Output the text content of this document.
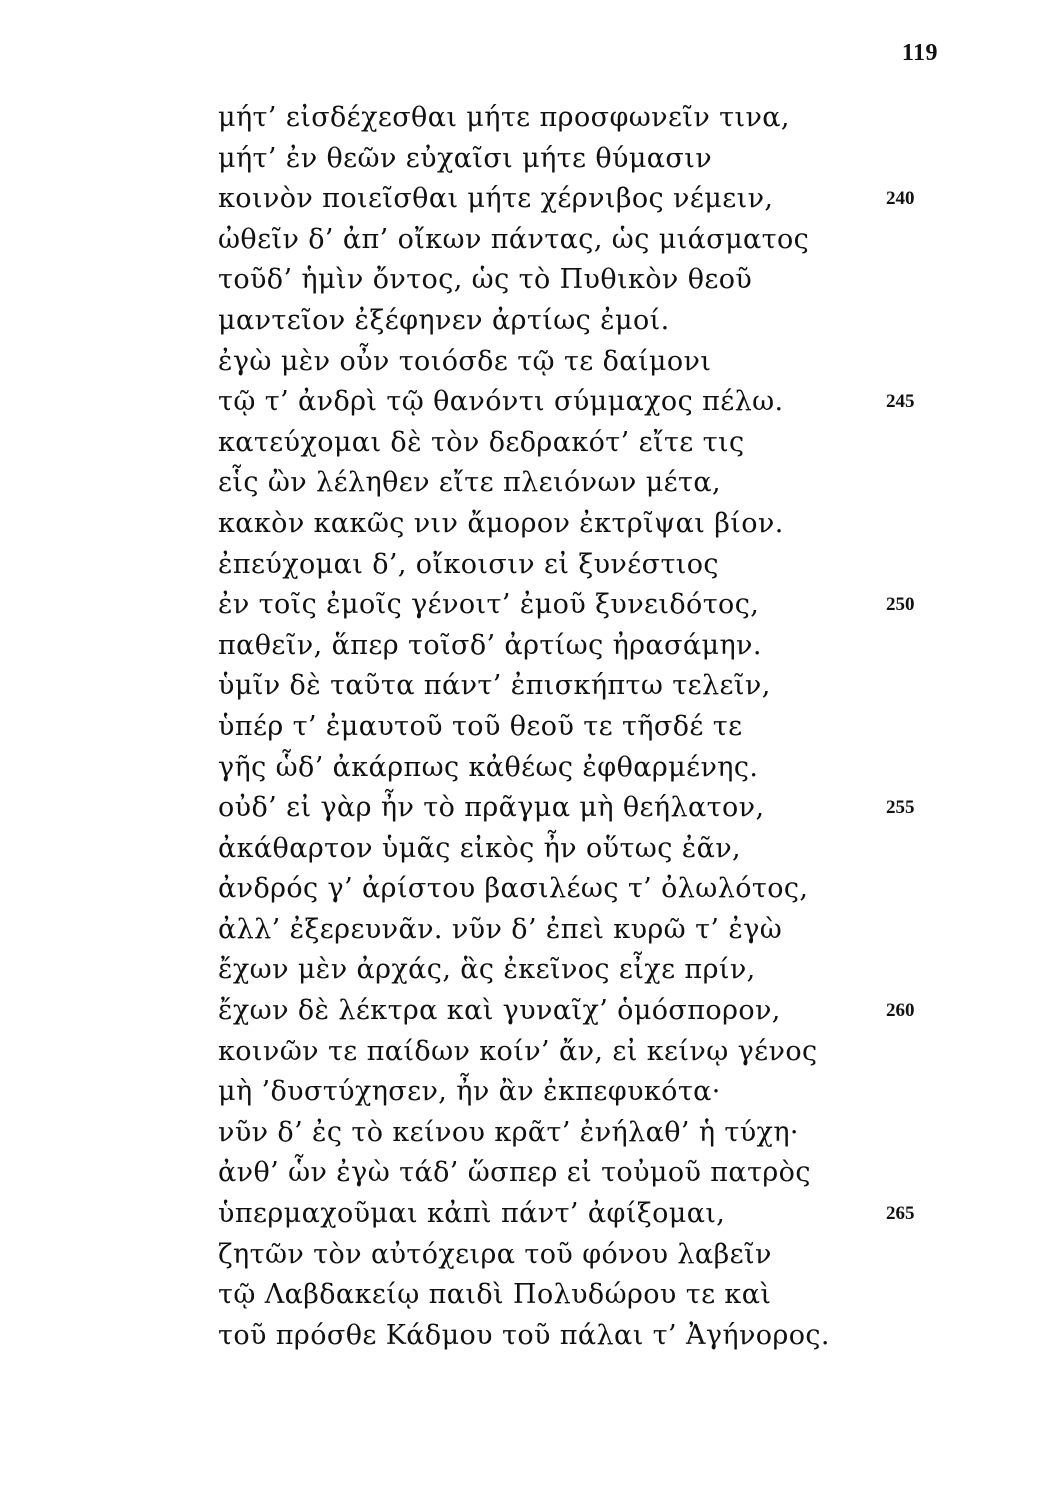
119
μήτ’ εἰσδέχεσθαι μήτε προσφωνεῖν τινα,
μήτ’ ἐν θεῶν εὐχαῖσι μήτε θύμασιν
κοινὸν ποιεῖσθαι μήτε χέρνιβος νέμειν,	240
ὠθεῖν δ’ ἀπ’ οἴκων πάντας, ὡς μιάσματος
τοῦδ’ ἡμὶν ὄντος, ὡς τὸ Πυθικὸν θεοῦ
μαντεῖον ἐξέφηνεν ἀρτίως ἐμοί.
ἐγὼ μὲν οὖν τοιόσδε τῷ τε δαίμονι
τῷ τ’ ἀνδρὶ τῷ θανόντι σύμμαχος πέλω.	245
κατεύχομαι δὲ τὸν δεδρακότ’ εἴτε τις
εἷς ὢν λέληθεν εἴτε πλειόνων μέτα,
κακὸν κακῶς νιν ἄμορον ἐκτρῖψαι βίον.
ἐπεύχομαι δ’, οἴκοισιν εἰ ξυνέστιος
ἐν τοῖς ἐμοῖς γένοιτ’ ἐμοῦ ξυνειδότος,	250
παθεῖν, ἅπερ τοῖσδ’ ἀρτίως ἠρασάμην.
ὑμῖν δὲ ταῦτα πάντ’ ἐπισκήπτω τελεῖν,
ὑπέρ τ’ ἐμαυτοῦ τοῦ θεοῦ τε τῆσδέ τε
γῆς ὧδ’ ἀκάρπως κἀθέως ἐφθαρμένης.
οὐδ’ εἰ γὰρ ἦν τὸ πρᾶγμα μὴ θεήλατον,	255
ἀκάθαρτον ὑμᾶς εἰκὸς ἦν οὕτως ἐᾶν,
ἀνδρός γ’ ἀρίστου βασιλέως τ’ ὀλωλότος,
ἀλλ’ ἐξερευνᾶν. νῦν δ’ ἐπεὶ κυρῶ τ’ ἐγὼ
ἔχων μὲν ἀρχάς, ἃς ἐκεῖνος εἶχε πρίν,
ἔχων δὲ λέκτρα καὶ γυναῖχ’ ὁμόσπορον,	260
κοινῶν τε παίδων κοίν’ ἄν, εἰ κείνῳ γένος
μὴ ’δυστύχησεν, ἦν ἂν ἐκπεφυκότα·
νῦν δ’ ἐς τὸ κείνου κρᾶτ’ ἐνήλαθ’ ἡ τύχη·
ἀνθ’ ὧν ἐγὼ τάδ’ ὥσπερ εἰ τοὐμοῦ πατρὸς
ὑπερμαχοῦμαι κἀπὶ πάντ’ ἀφίξομαι,	265
ζητῶν τὸν αὐτόχειρα τοῦ φόνου λαβεῖν
τῷ Λαβδακείῳ παιδὶ Πολυδώρου τε καὶ
τοῦ πρόσθε Κάδμου τοῦ πάλαι τ’ Ἀγήνορος.
